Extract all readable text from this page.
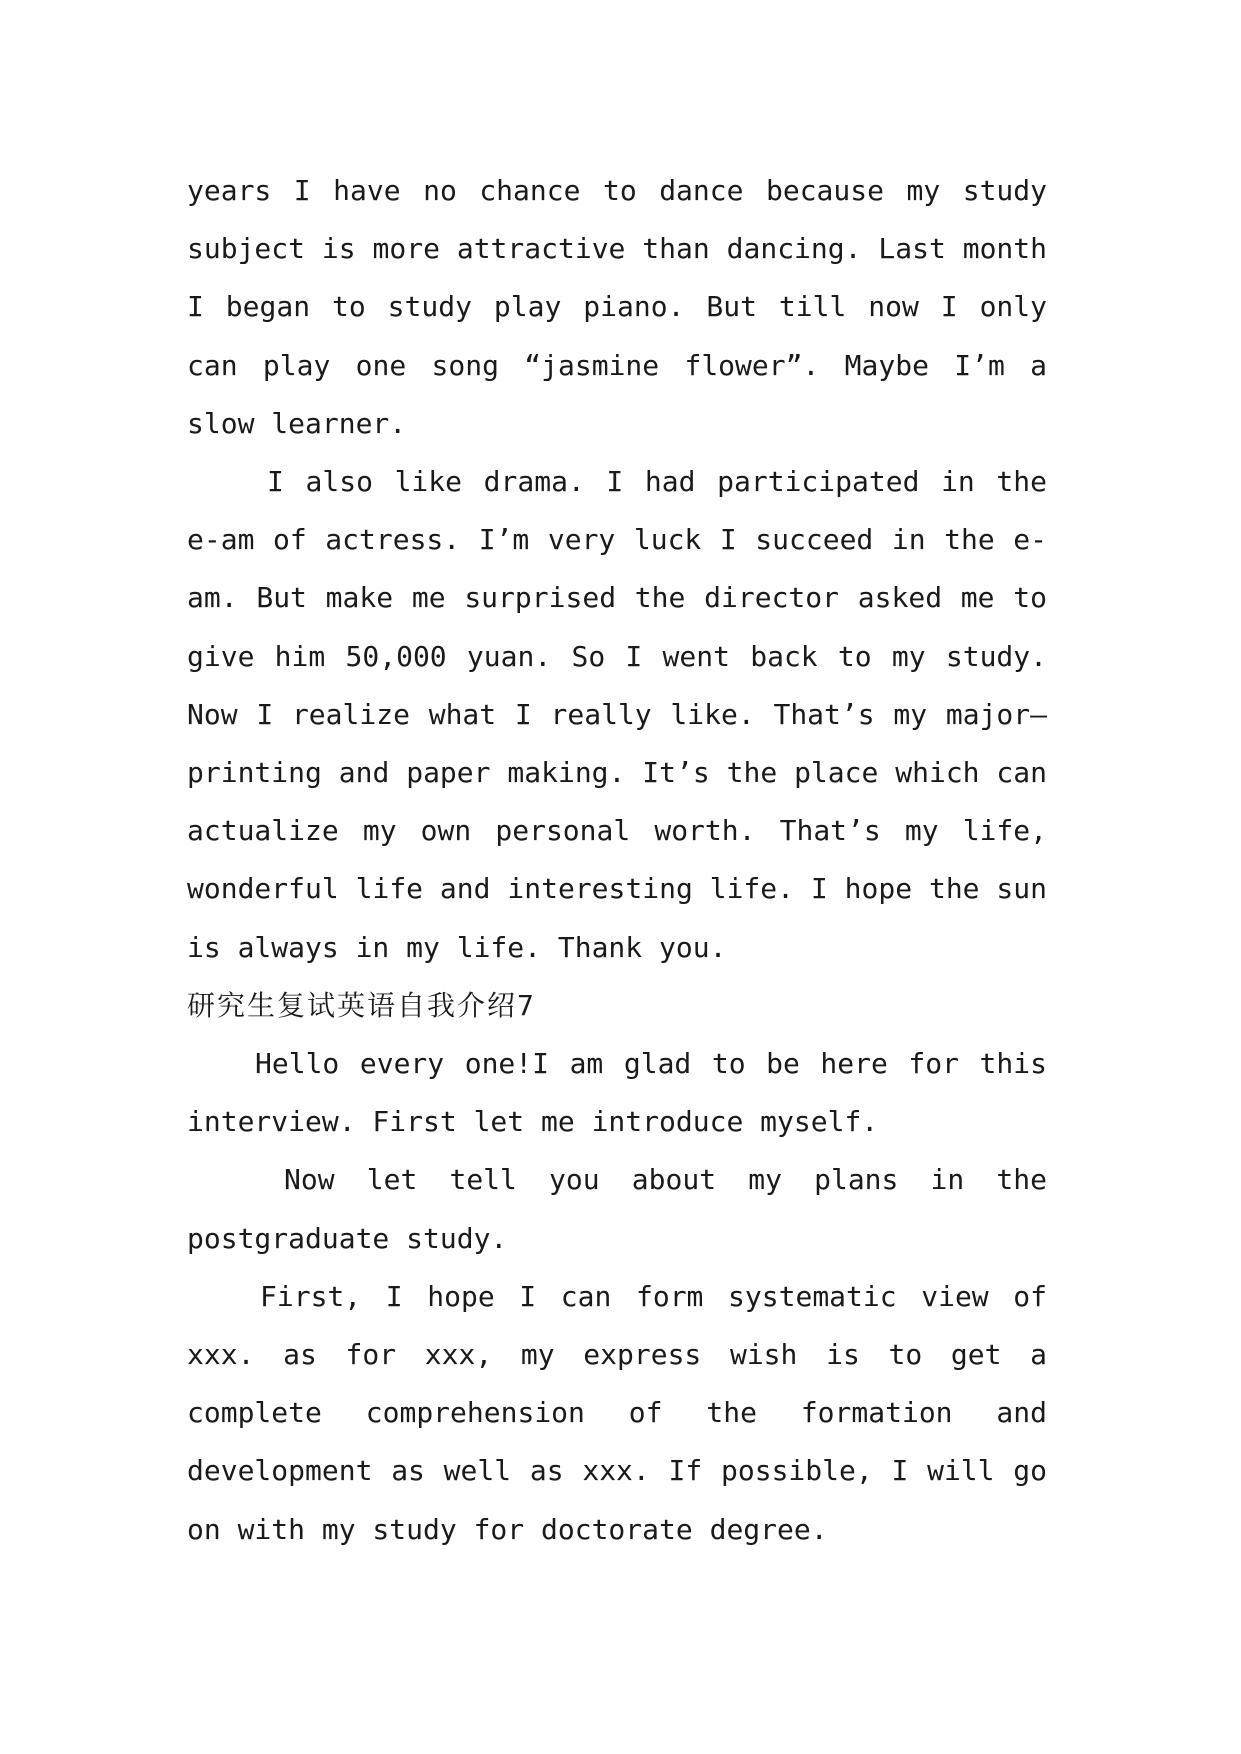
years I have no chance to dance because my study subject is more attractive than dancing. Last month I began to study play piano. But till now I only can play one song “jasmine flower”. Maybe I’m a slow learner.

I also like drama. I had participated in the e-am of actress. I’m very luck I succeed in the e-am. But make me surprised the director asked me to give him 50,000 yuan. So I went back to my study. Now I realize what I really like. That’s my major—printing and paper making. It’s the place which can actualize my own personal worth. That’s my life, wonderful life and interesting life. I hope the sun is always in my life. Thank you.

研究生复试英语自我介绍7

Hello every one!I am glad to be here for this interview. First let me introduce myself.

Now let tell you about my plans in the postgraduate study.

First, I hope I can form systematic view of xxx. as for xxx, my express wish is to get a complete comprehension of the formation and development as well as xxx. If possible, I will go on with my study for doctorate degree.
